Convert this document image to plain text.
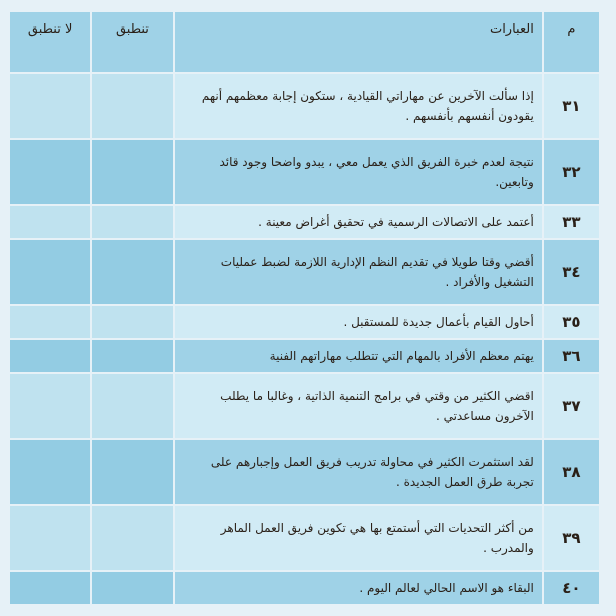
م	العبارات	تنطبق	لا تنطبق
٣١	إذا سألت الآخرين عن مهاراتي القيادية ، ستكون إجابة معظمهم أنهم يقودون أنفسهم بأنفسهم .		
٣٢	نتيجة لعدم خبرة الفريق الذي يعمل معي ، يبدو واضحا وجود قائد وتابعين.		
٣٣	أعتمد على الاتصالات الرسمية في تحقيق أغراض معينة .		
٣٤	أقضي وقتا طويلا في تقديم النظم الإدارية اللازمة لضبط عمليات التشغيل والأفراد .		
٣٥	أحاول القيام بأعمال جديدة للمستقبل .		
٣٦	يهتم معظم الأفراد بالمهام التي تتطلب مهاراتهم الفنية		
٣٧	اقضي الكثير من وقتي في برامج التنمية الذاتية ، وغالبا ما يطلب الآخرون مساعدتي .		
٣٨	لقد استثمرت الكثير في محاولة تدريب فريق العمل وإجبارهم على تجربة طرق العمل الجديدة .		
٣٩	من أكثر التحديات التي أستمتع بها هي تكوين فريق العمل الماهر والمدرب .		
٤٠	البقاء هو الاسم الحالي لعالم اليوم .		
